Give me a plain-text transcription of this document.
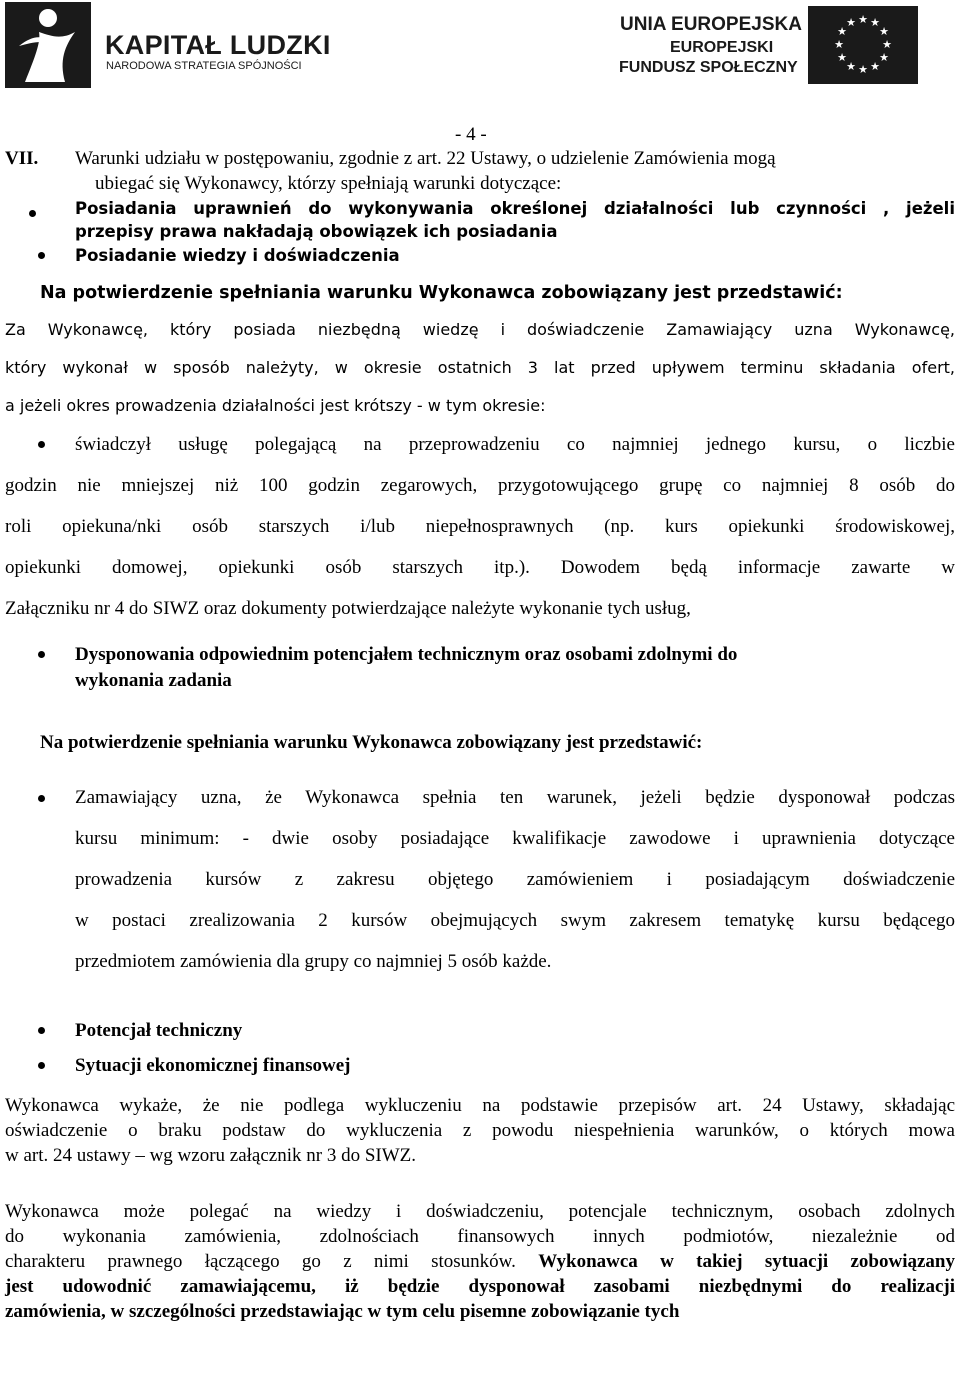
KAPITAŁ LUDZKI
NARODOWA STRATEGIA SPÓJNOŚCI
UNIA EUROPEJSKA
EUROPEJSKI
FUNDUSZ SPOŁECZNY
★ ★
★
★
★
★
★
★
★
★
★
★
- 4 -
VII. Warunki udziału w postępowaniu, zgodnie z art. 22 Ustawy, o udzielenie Zamówienia mogą
ubiegać się Wykonawcy, którzy spełniają warunki dotyczące:
Posiadania uprawnień do wykonywania określonej działalności lub czynności , jeżeli
przepisy prawa nakładają obowiązek ich posiadania
Posiadanie wiedzy i doświadczenia
Na potwierdzenie spełniania warunku Wykonawca zobowiązany jest przedstawić:
Za Wykonawcę, który posiada niezbędną wiedzę i doświadczenie Zamawiający uzna Wykonawcę,
który wykonał w sposób należyty, w okresie ostatnich 3 lat przed upływem terminu składania ofert,
a jeżeli okres prowadzenia działalności jest krótszy - w tym okresie:
świadczył usługę polegającą na przeprowadzeniu co najmniej jednego kursu, o liczbie
godzin nie mniejszej niż 100 godzin zegarowych, przygotowującego grupę co najmniej 8 osób do
roli opiekuna/nki osób starszych i/lub niepełnosprawnych (np. kurs opiekunki środowiskowej,
opiekunki domowej, opiekunki osób starszych itp.). Dowodem będą informacje zawarte w
Załączniku nr 4 do SIWZ oraz dokumenty potwierdzające należyte wykonanie tych usług,
Dysponowania odpowiednim potencjałem technicznym oraz osobami zdolnymi do
wykonania zadania
Na potwierdzenie spełniania warunku Wykonawca zobowiązany jest przedstawić:
Zamawiający uzna, że Wykonawca spełnia ten warunek, jeżeli będzie dysponował podczas
kursu minimum: - dwie osoby posiadające kwalifikacje zawodowe i uprawnienia dotyczące
prowadzenia kursów z zakresu objętego zamówieniem i posiadającym doświadczenie
w postaci zrealizowania 2 kursów obejmujących swym zakresem tematykę kursu będącego
przedmiotem zamówienia dla grupy co najmniej 5 osób każde.
Potencjał techniczny
Sytuacji ekonomicznej finansowej
Wykonawca wykaże, że nie podlega wykluczeniu na podstawie przepisów art. 24 Ustawy, składając
oświadczenie o braku podstaw do wykluczenia z powodu niespełnienia warunków, o których mowa
w art. 24 ustawy – wg wzoru załącznik nr 3 do SIWZ.
Wykonawca może polegać na wiedzy i doświadczeniu, potencjale technicznym, osobach zdolnych
do wykonania zamówienia, zdolnościach finansowych innych podmiotów, niezależnie od
charakteru prawnego łączącego go z nimi stosunków. Wykonawca w takiej sytuacji zobowiązany
jest udowodnić zamawiającemu, iż będzie dysponował zasobami niezbędnymi do realizacji
zamówienia, w szczególności przedstawiając w tym celu pisemne zobowiązanie tych
